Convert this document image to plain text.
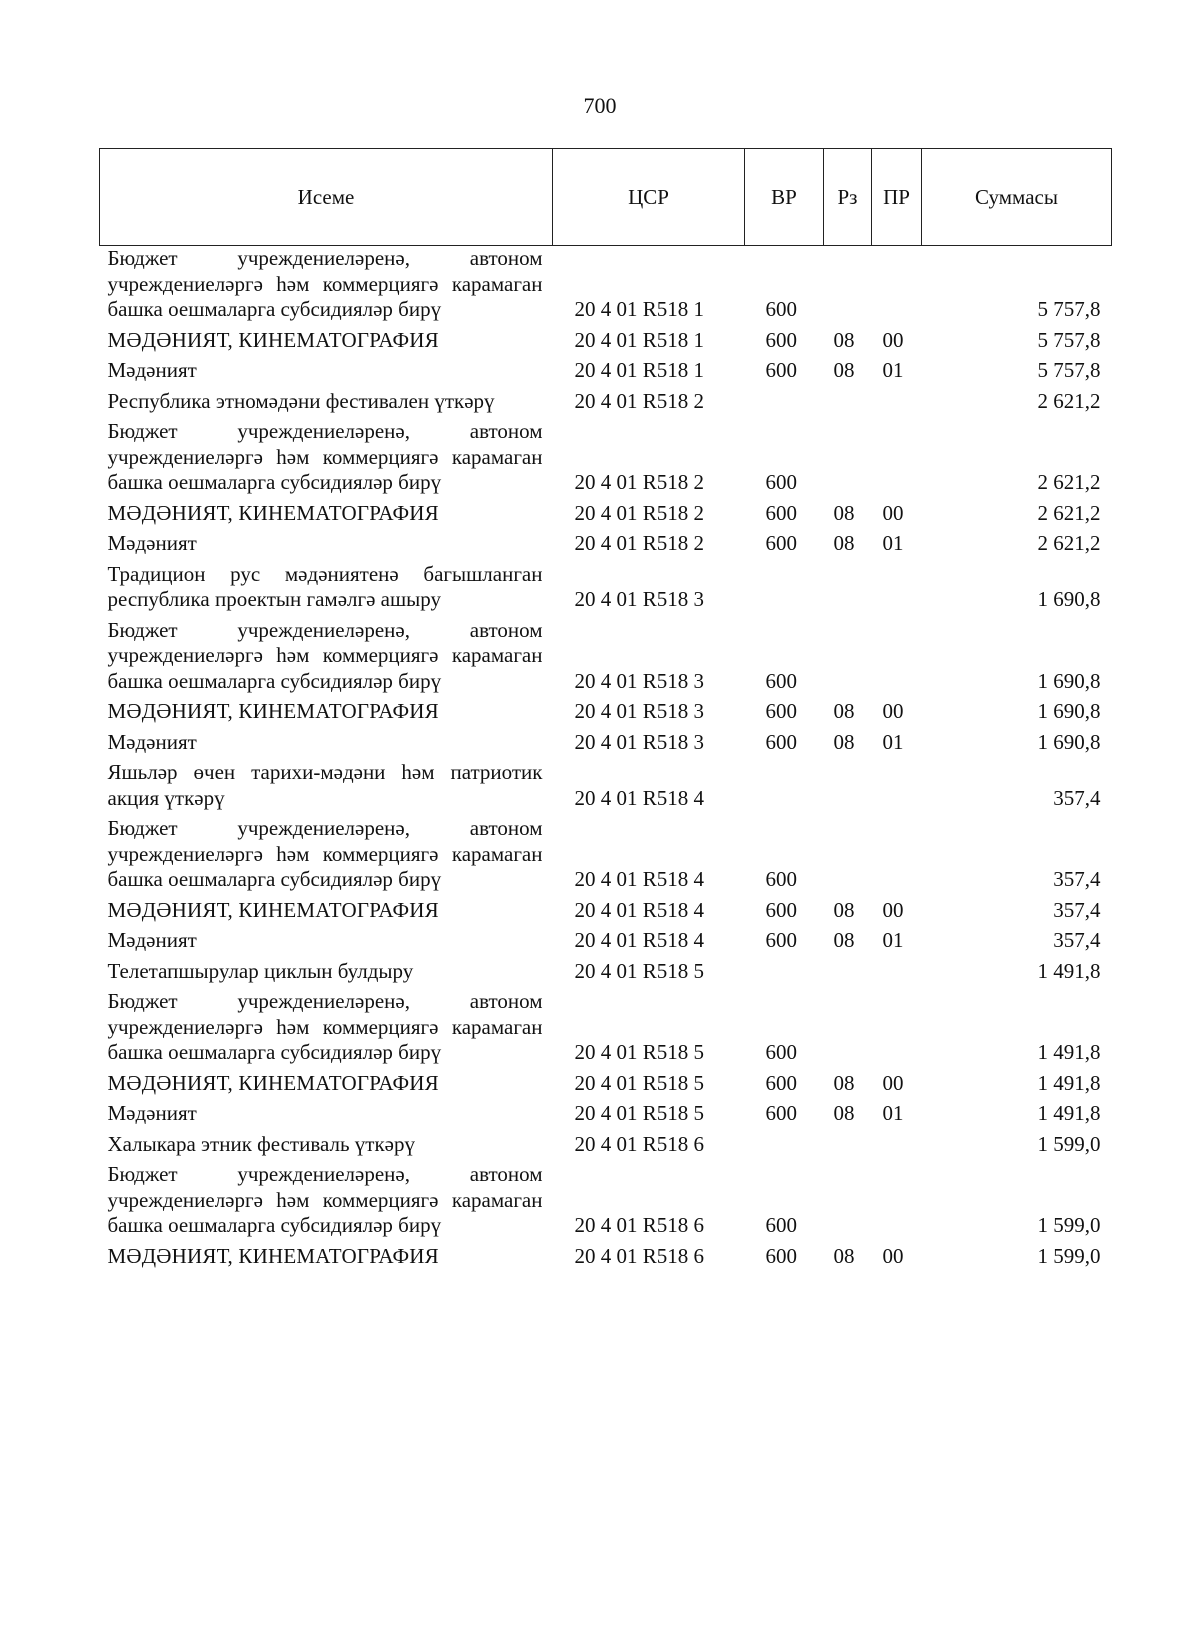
700
Исеме	ЦСР	ВР	Рз	ПР	Суммасы
Бюджет учреждениеләренә, автоном учреждениеләргә һәм коммерциягә карамаган башка оешмаларга субсидияләр бирү	20 4 01 R518 1	600			5 757,8
МӘДӘНИЯТ, КИНЕМАТОГРАФИЯ	20 4 01 R518 1	600	08	00	5 757,8
Мәдәният	20 4 01 R518 1	600	08	01	5 757,8
Республика этномәдәни фестивален үткәрү	20 4 01 R518 2				2 621,2
Бюджет учреждениеләренә, автоном учреждениеләргә һәм коммерциягә карамаган башка оешмаларга субсидияләр бирү	20 4 01 R518 2	600			2 621,2
МӘДӘНИЯТ, КИНЕМАТОГРАФИЯ	20 4 01 R518 2	600	08	00	2 621,2
Мәдәният	20 4 01 R518 2	600	08	01	2 621,2
Традицион рус мәдәниятенә багышланган республика проектын гамәлгә ашыру	20 4 01 R518 3				1 690,8
Бюджет учреждениеләренә, автоном учреждениеләргә һәм коммерциягә карамаган башка оешмаларга субсидияләр бирү	20 4 01 R518 3	600			1 690,8
МӘДӘНИЯТ, КИНЕМАТОГРАФИЯ	20 4 01 R518 3	600	08	00	1 690,8
Мәдәният	20 4 01 R518 3	600	08	01	1 690,8
Яшьләр өчен тарихи-мәдәни һәм патриотик акция үткәрү	20 4 01 R518 4				357,4
Бюджет учреждениеләренә, автоном учреждениеләргә һәм коммерциягә карамаган башка оешмаларга субсидияләр бирү	20 4 01 R518 4	600			357,4
МӘДӘНИЯТ, КИНЕМАТОГРАФИЯ	20 4 01 R518 4	600	08	00	357,4
Мәдәният	20 4 01 R518 4	600	08	01	357,4
Телетапшырулар циклын булдыру	20 4 01 R518 5				1 491,8
Бюджет учреждениеләренә, автоном учреждениеләргә һәм коммерциягә карамаган башка оешмаларга субсидияләр бирү	20 4 01 R518 5	600			1 491,8
МӘДӘНИЯТ, КИНЕМАТОГРАФИЯ	20 4 01 R518 5	600	08	00	1 491,8
Мәдәният	20 4 01 R518 5	600	08	01	1 491,8
Халыкара этник фестиваль үткәрү	20 4 01 R518 6				1 599,0
Бюджет учреждениеләренә, автоном учреждениеләргә һәм коммерциягә карамаган башка оешмаларга субсидияләр бирү	20 4 01 R518 6	600			1 599,0
МӘДӘНИЯТ, КИНЕМАТОГРАФИЯ	20 4 01 R518 6	600	08	00	1 599,0
